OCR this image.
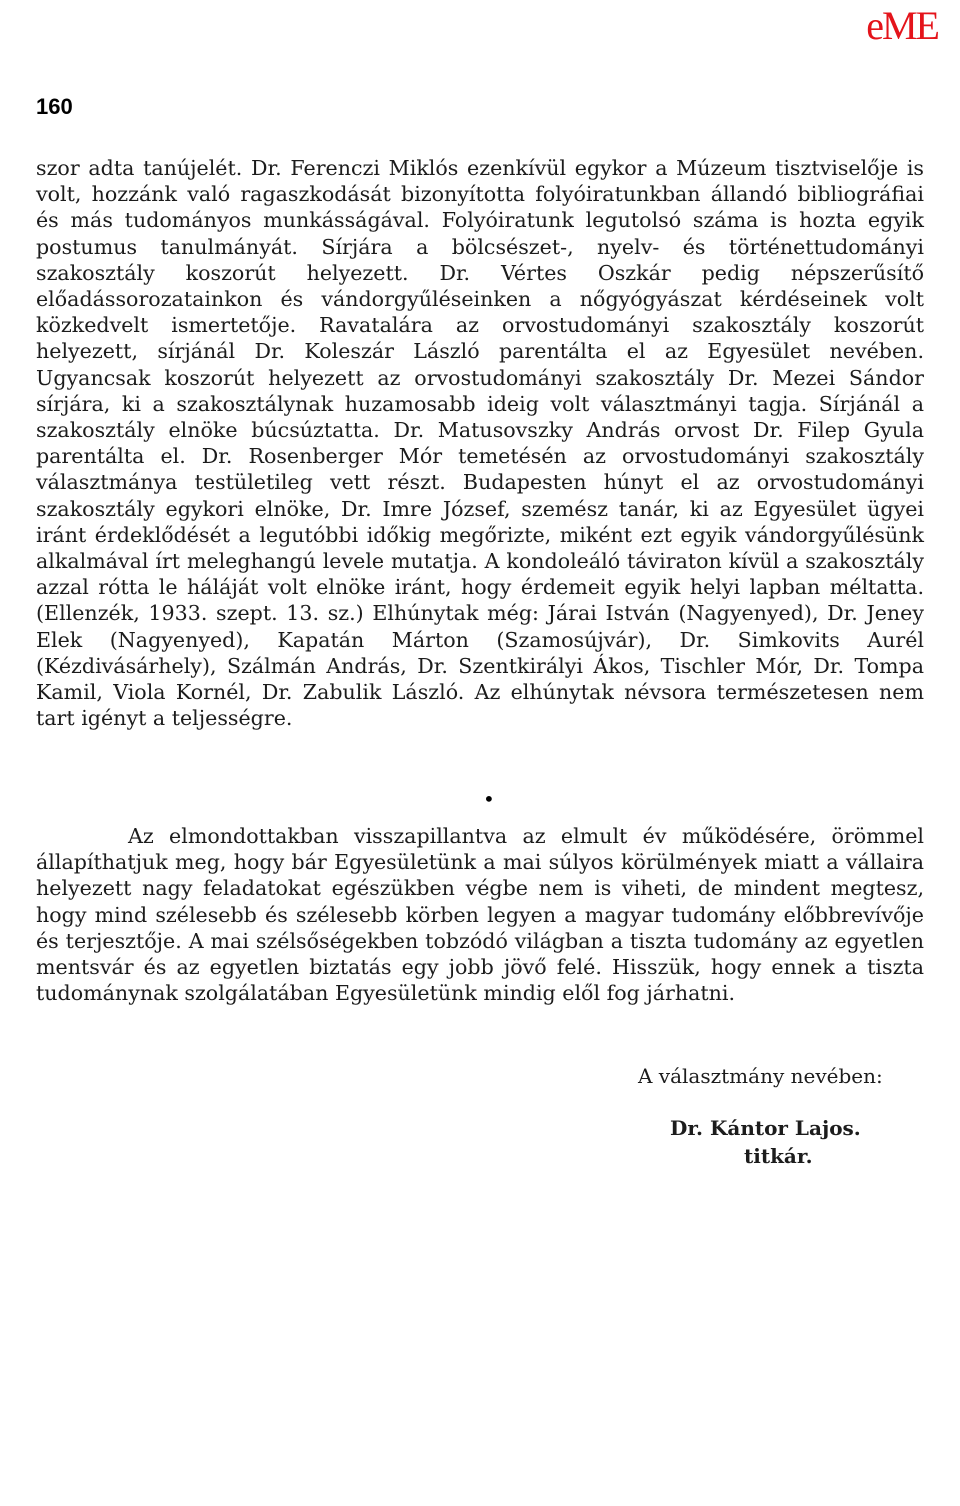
eME
160

szor adta tanújelét. Dr. Ferenczi Miklós ezenkívül egykor a Múzeum tisztviselője is volt, hozzánk való ragaszkodását bizonyította folyóiratunkban állandó bibliográfiai és más tudományos munkásságával. Folyóiratunk legutolsó száma is hozta egyik postumus tanulmányát. Sírjára a bölcsészet-, nyelv- és történettudományi szakosztály koszorút helyezett. Dr. Vértes Oszkár pedig népszerűsítő előadássorozatainkon és vándorgyűléseinken a nőgyógyászat kérdéseinek volt közkedvelt ismertetője. Ravatalára az orvostudományi szakosztály koszorút helyezett, sírjánál Dr. Koleszár László parentálta el az Egyesület nevében. Ugyancsak koszorút helyezett az orvostudományi szakosztály Dr. Mezei Sándor sírjára, ki a szakosztálynak huzamosabb ideig volt választmányi tagja. Sírjánál a szakosztály elnöke búcsúztatta. Dr. Matusovszky András orvost Dr. Filep Gyula parentálta el. Dr. Rosenberger Mór temetésén az orvostudományi szakosztály választmánya testületileg vett részt. Budapesten húnyt el az orvostudományi szakosztály egykori elnöke, Dr. Imre József, szemész tanár, ki az Egyesület ügyei iránt érdeklődését a legutóbbi időkig megőrizte, miként ezt egyik vándorgyűlésünk alkalmával írt meleghangú levele mutatja. A kondoleáló táviraton kívül a szakosztály azzal rótta le háláját volt elnöke iránt, hogy érdemeit egyik helyi lapban méltatta. (Ellenzék, 1933. szept. 13. sz.) Elhúnytak még: Járai István (Nagyenyed), Dr. Jeney Elek (Nagyenyed), Kapatán Márton (Szamosújvár), Dr. Simkovits Aurél (Kézdivásárhely), Szálmán András, Dr. Szentkirályi Ákos, Tischler Mór, Dr. Tompa Kamil, Viola Kornél, Dr. Zabulik László. Az elhúnytak névsora természetesen nem tart igényt a teljességre.

•

Az elmondottakban visszapillantva az elmult év működésére, örömmel állapíthatjuk meg, hogy bár Egyesületünk a mai súlyos körülmények miatt a vállaira helyezett nagy feladatokat egészükben végbe nem is viheti, de mindent megtesz, hogy mind szélesebb és szélesebb körben legyen a magyar tudomány előbbrevívője és terjesztője. A mai szélsőségekben tobzódó világban a tiszta tudomány az egyetlen mentsvár és az egyetlen biztatás egy jobb jövő felé. Hisszük, hogy ennek a tiszta tudománynak szolgálatában Egyesületünk mindig elől fog járhatni.

A választmány nevében:
Dr. Kántor Lajos.
titkár.
